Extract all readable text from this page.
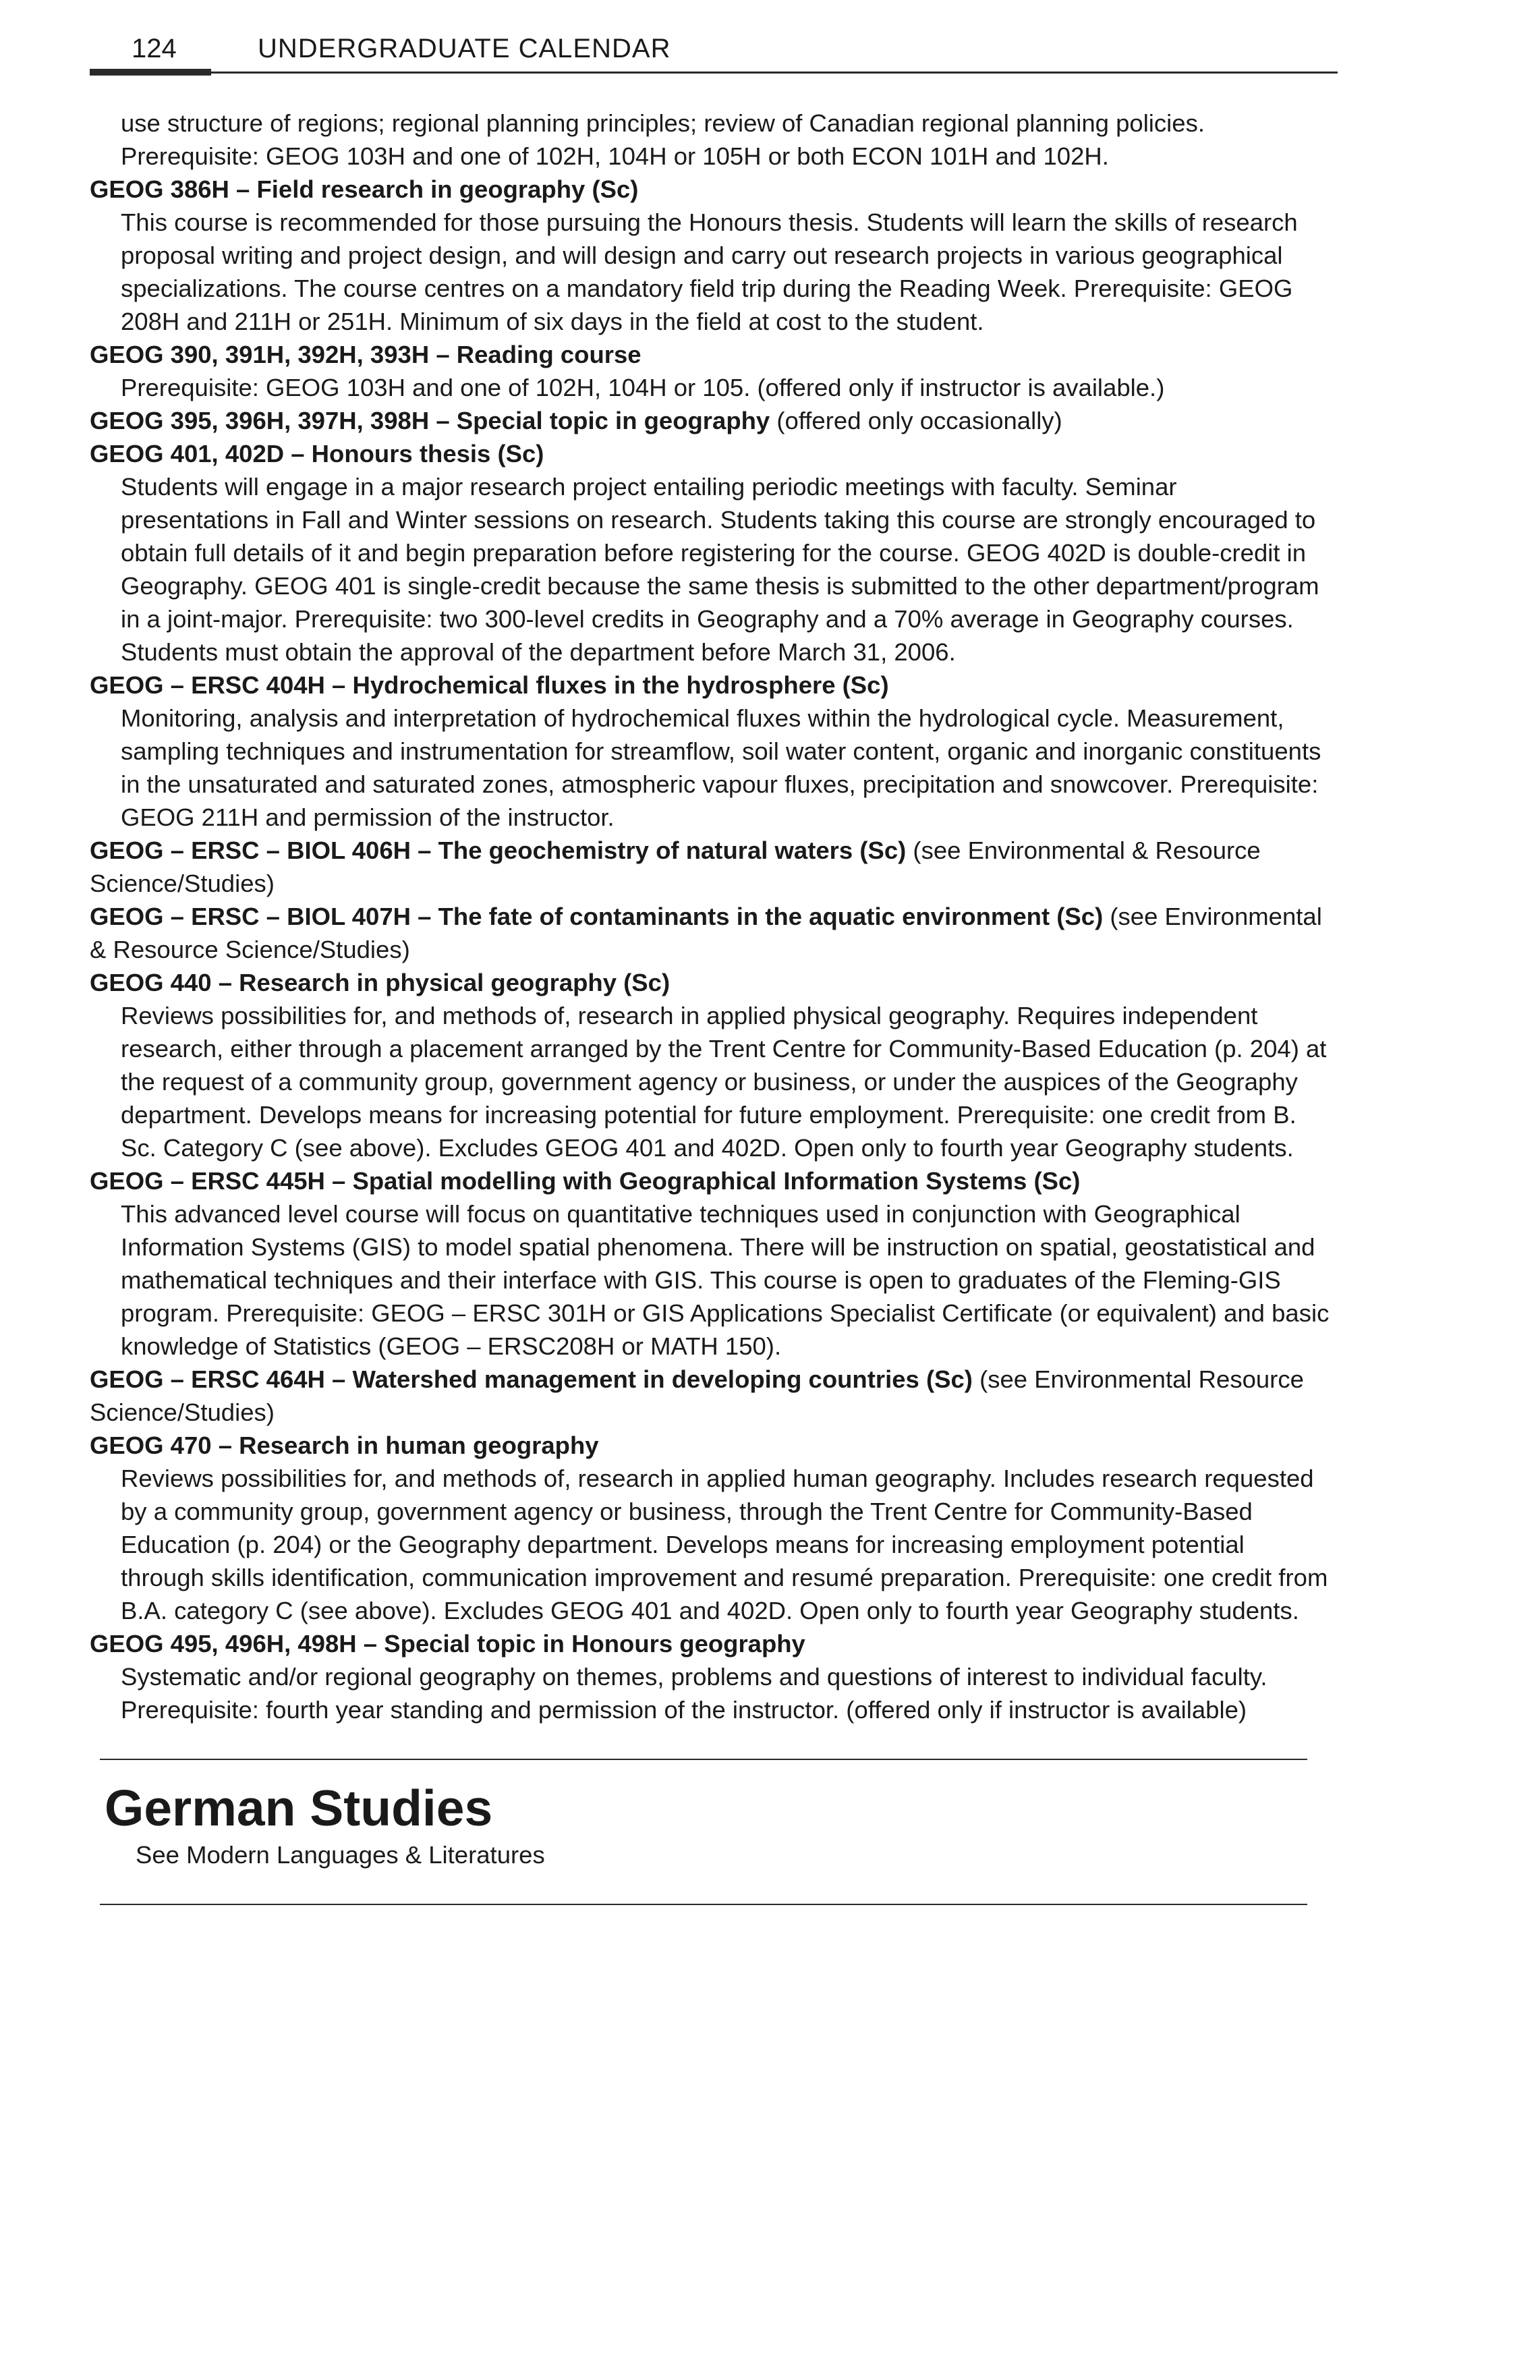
124	UNDERGRADUATE CALENDAR

use structure of regions; regional planning principles; review of Canadian regional planning policies. Prerequisite: GEOG 103H and one of 102H, 104H or 105H or both ECON 101H and 102H.

GEOG 386H – Field research in geography (Sc)

This course is recommended for those pursuing the Honours thesis. Students will learn the skills of research proposal writing and project design, and will design and carry out research projects in various geographical specializations. The course centres on a mandatory field trip during the Reading Week. Prerequisite: GEOG 208H and 211H or 251H. Minimum of six days in the field at cost to the student.

GEOG 390, 391H, 392H, 393H – Reading course

Prerequisite: GEOG 103H and one of 102H, 104H or 105. (offered only if instructor is available.)

GEOG 395, 396H, 397H, 398H – Special topic in geography (offered only occasionally)

GEOG 401, 402D – Honours thesis (Sc)

Students will engage in a major research project entailing periodic meetings with faculty. Seminar presentations in Fall and Winter sessions on research. Students taking this course are strongly encouraged to obtain full details of it and begin preparation before registering for the course. GEOG 402D is double-credit in Geography. GEOG 401 is single-credit because the same thesis is submitted to the other department/program in a joint-major. Prerequisite: two 300-level credits in Geography and a 70% average in Geography courses. Students must obtain the approval of the department before March 31, 2006.

GEOG – ERSC 404H – Hydrochemical fluxes in the hydrosphere (Sc)

Monitoring, analysis and interpretation of hydrochemical fluxes within the hydrological cycle. Measurement, sampling techniques and instrumentation for streamflow, soil water content, organic and inorganic constituents in the unsaturated and saturated zones, atmospheric vapour fluxes, precipitation and snowcover. Prerequisite: GEOG 211H and permission of the instructor.

GEOG – ERSC – BIOL 406H – The geochemistry of natural waters (Sc) (see Environmental & Resource Science/Studies)

GEOG – ERSC – BIOL 407H – The fate of contaminants in the aquatic environment (Sc) (see Environmental & Resource Science/Studies)

GEOG 440 – Research in physical geography (Sc)

Reviews possibilities for, and methods of, research in applied physical geography. Requires independent research, either through a placement arranged by the Trent Centre for Community-Based Education (p. 204) at the request of a community group, government agency or business, or under the auspices of the Geography department. Develops means for increasing potential for future employment. Prerequisite: one credit from B. Sc. Category C (see above). Excludes GEOG 401 and 402D. Open only to fourth year Geography students.

GEOG – ERSC 445H – Spatial modelling with Geographical Information Systems (Sc)

This advanced level course will focus on quantitative techniques used in conjunction with Geographical Information Systems (GIS) to model spatial phenomena. There will be instruction on spatial, geostatistical and mathematical techniques and their interface with GIS. This course is open to graduates of the Fleming-GIS program. Prerequisite: GEOG – ERSC 301H or GIS Applications Specialist Certificate (or equivalent) and basic knowledge of Statistics (GEOG – ERSC208H or MATH 150).

GEOG – ERSC 464H – Watershed management in developing countries (Sc) (see Environmental Resource Science/Studies)

GEOG 470 – Research in human geography

Reviews possibilities for, and methods of, research in applied human geography. Includes research requested by a community group, government agency or business, through the Trent Centre for Community-Based Education (p. 204) or the Geography department. Develops means for increasing employment potential through skills identification, communication improvement and resumé preparation. Prerequisite: one credit from B.A. category C (see above). Excludes GEOG 401 and 402D. Open only to fourth year Geography students.

GEOG 495, 496H, 498H – Special topic in Honours geography

Systematic and/or regional geography on themes, problems and questions of interest to individual faculty. Prerequisite: fourth year standing and permission of the instructor. (offered only if instructor is available)

German Studies

See Modern Languages & Literatures
